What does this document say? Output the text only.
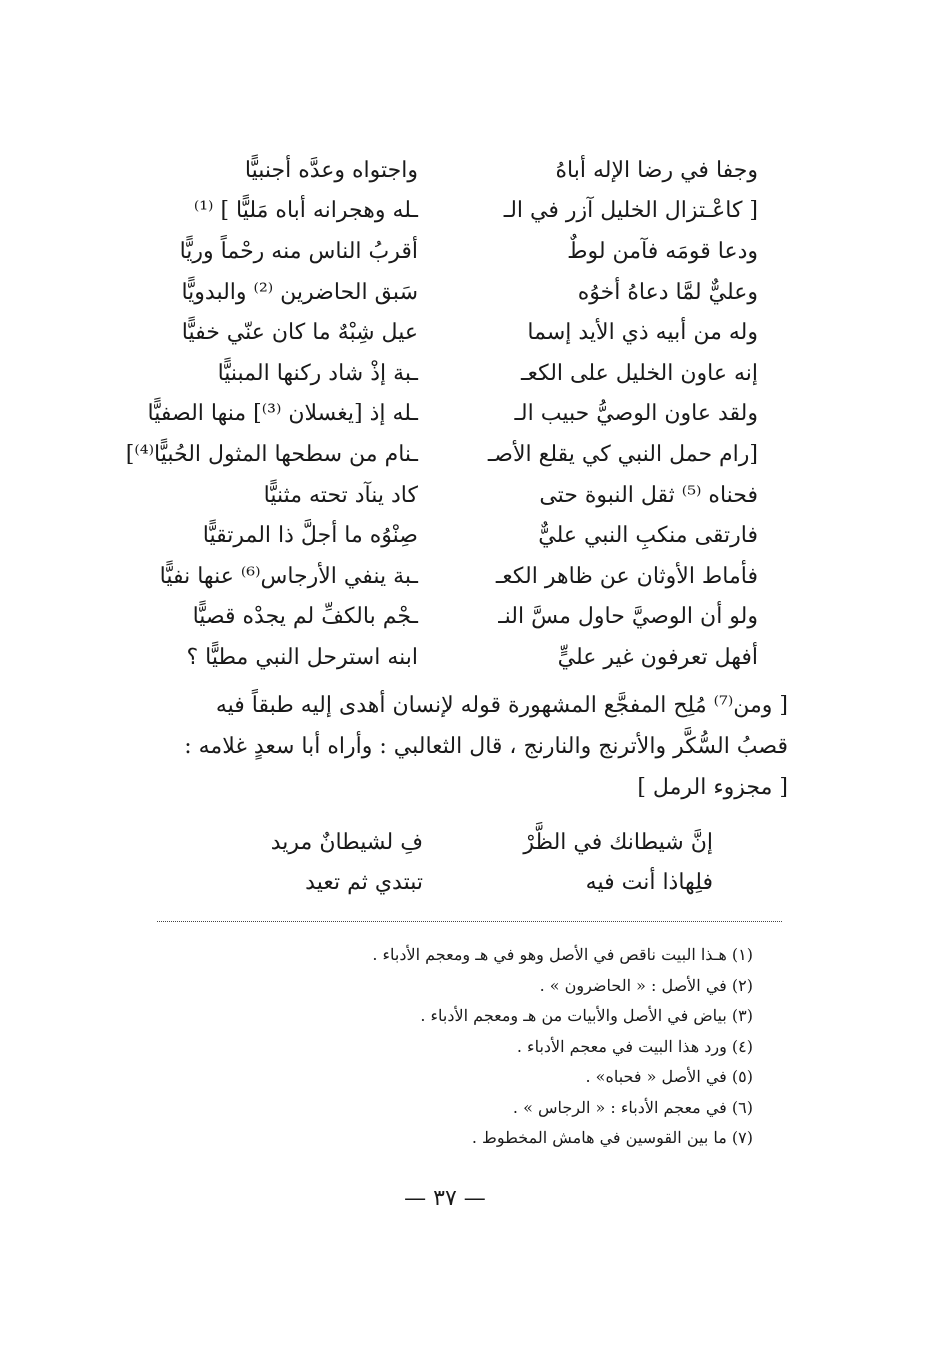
وجفا في رضا الإله أباهُ
واجتواه وعدَّه أجنبيًّا
[ كاعْـتزال الخليل آزر في الـ
ـله وهجرانه أباه مَليًّا ] ⁽¹⁾
ودعا قومَه فآمن لوطٌ
أقربُ الناس منه رحْماً وريًّا
وعليٌّ لمَّا دعاهُ أخوُه
سَبق الحاضرين ⁽²⁾ والبدويًّا
وله من أبيه ذي الأيد إسما
عيل شِبْهٌ ما كان عنّي خفيًّا
إنه عاون الخليل على الكعـ
ـبة إذْ شاد ركنها المبنيًّا
ولقد عاون الوصيُّ حبيب الـ
ـله إذ [يغسلان ⁽³⁾] منها الصفيًّا
[رام حمل النبي كي يقلع الأصـ
ـنام من سطحها المثول الحُبيًّا⁽⁴⁾]
فحناه ⁽⁵⁾ ثقل النبوة حتى
كاد ينآد تحته مثنيًّا
فارتقى منكبِ النبي عليٌّ
صِنْوُه ما أجلَّ ذا المرتقيًّا
فأماط الأوثان عن ظاهر الكعـ
ـبة ينفي الأرجاس⁽⁶⁾ عنها نفيًّا
ولو أن الوصيَّ حاول مسَّ النـ
ـجْم بالكفِّ لم يجدْه قصيًّا
أفهل تعرفون غير عليٍّ
ابنه استرحل النبي مطيًّا ؟
[ ومن⁽⁷⁾ مُلِح المفجَّع المشهورة قوله لإنسان أهدى إليه طبقاً فيه
قصبُ السُّكَّر والأترنج والنارنج ، قال الثعالبي : وأراه أبا سعدٍ غلامه :
[ مجزوء الرمل ]
إنَّ شيطانك في الظَّرْ
فِ لشيطانٌ مريد
فلِهاذا أنت فيه
تبتدي ثم تعيد
(١) هـذا البيت ناقص في الأصل وهو في هـ ومعجم الأدباء .
(٢) في الأصل : « الحاضرون » .
(٣) بياض في الأصل والأبيات من هـ ومعجم الأدباء .
(٤) ورد هذا البيت في معجم الأدباء .
(٥) في الأصل « فحباه» .
(٦) في معجم الأدباء : « الرجاس » .
(٧) ما بين القوسين في هامش المخطوط .
— ٣٧ —
